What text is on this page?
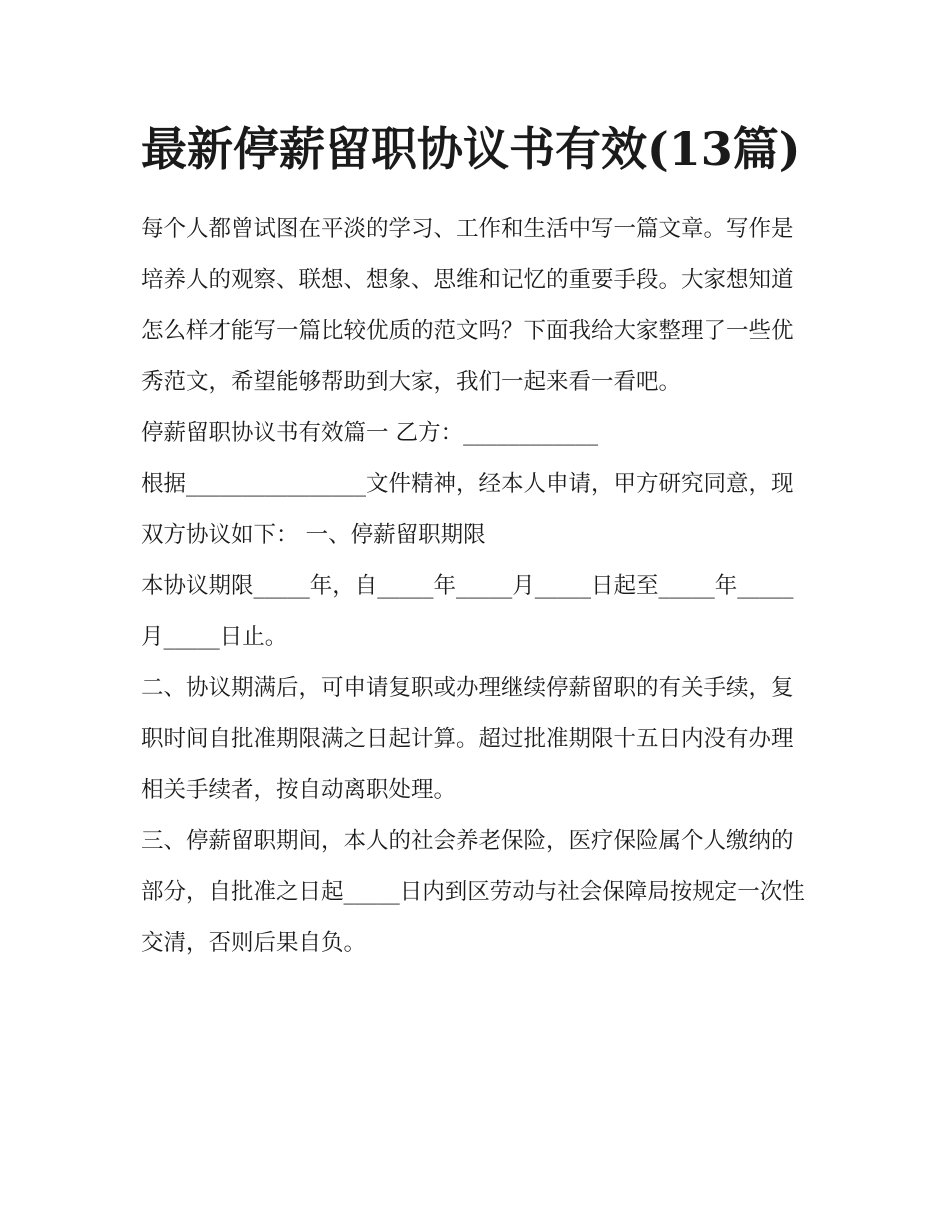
最新停薪留职协议书有效(13篇)

每个人都曾试图在平淡的学习、工作和生活中写一篇文章。写作是培养人的观察、联想、想象、思维和记忆的重要手段。大家想知道怎么样才能写一篇比较优质的范文吗？下面我给大家整理了一些优秀范文，希望能够帮助到大家，我们一起来看一看吧。

停薪留职协议书有效篇一 乙方：____________

根据________________文件精神，经本人申请，甲方研究同意，现双方协议如下： 一、停薪留职期限

本协议期限_____年，自_____年_____月_____日起至_____年_____月_____日止。

二、协议期满后，可申请复职或办理继续停薪留职的有关手续，复职时间自批准期限满之日起计算。超过批准期限十五日内没有办理相关手续者，按自动离职处理。

三、停薪留职期间，本人的社会养老保险，医疗保险属个人缴纳的部分，自批准之日起_____日内到区劳动与社会保障局按规定一次性交清，否则后果自负。
